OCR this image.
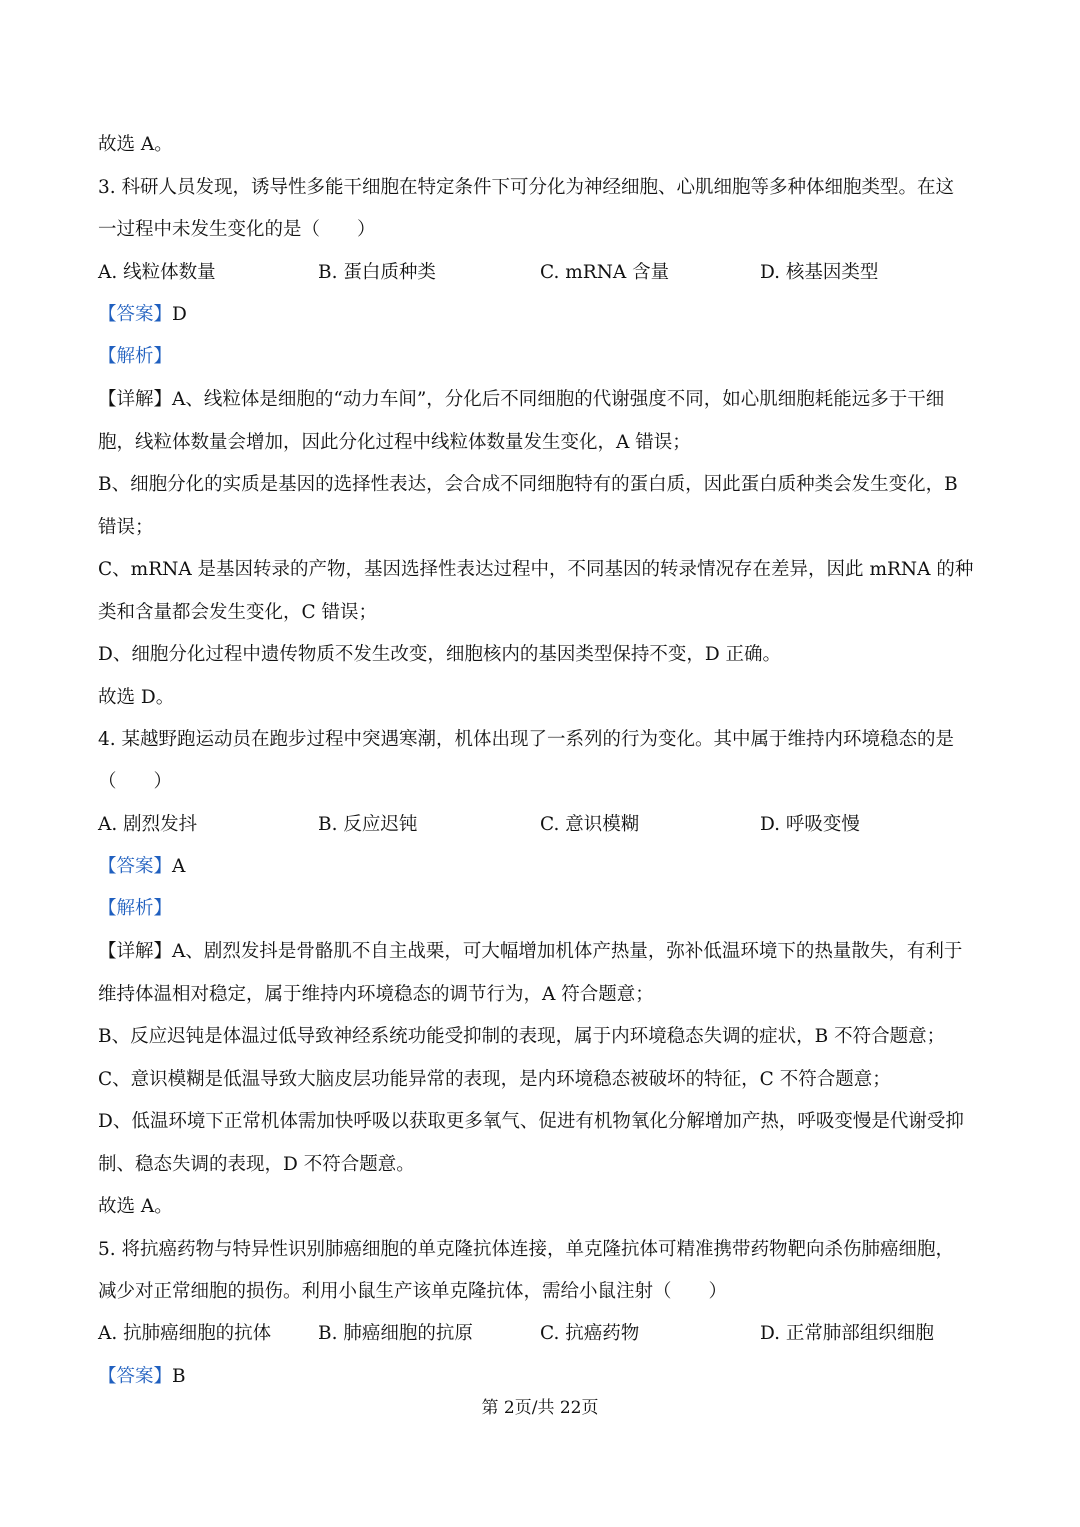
故选 A。
3. 科研人员发现，诱导性多能干细胞在特定条件下可分化为神经细胞、心肌细胞等多种体细胞类型。在这
一过程中未发生变化的是（　　）
A. 线粒体数量	B. 蛋白质种类	C. mRNA 含量	D. 核基因类型
【答案】D
【解析】
【详解】A、线粒体是细胞的“动力车间”，分化后不同细胞的代谢强度不同，如心肌细胞耗能远多于干细
胞，线粒体数量会增加，因此分化过程中线粒体数量发生变化，A 错误；
B、细胞分化的实质是基因的选择性表达，会合成不同细胞特有的蛋白质，因此蛋白质种类会发生变化，B
错误；
C、mRNA 是基因转录的产物，基因选择性表达过程中，不同基因的转录情况存在差异，因此 mRNA 的种
类和含量都会发生变化，C 错误；
D、细胞分化过程中遗传物质不发生改变，细胞核内的基因类型保持不变，D 正确。
故选 D。
4. 某越野跑运动员在跑步过程中突遇寒潮，机体出现了一系列的行为变化。其中属于维持内环境稳态的是
（　　）
A. 剧烈发抖	B. 反应迟钝	C. 意识模糊	D. 呼吸变慢
【答案】A
【解析】
【详解】A、剧烈发抖是骨骼肌不自主战栗，可大幅增加机体产热量，弥补低温环境下的热量散失，有利于
维持体温相对稳定，属于维持内环境稳态的调节行为，A 符合题意；
B、反应迟钝是体温过低导致神经系统功能受抑制的表现，属于内环境稳态失调的症状，B 不符合题意；
C、意识模糊是低温导致大脑皮层功能异常的表现，是内环境稳态被破坏的特征，C 不符合题意；
D、低温环境下正常机体需加快呼吸以获取更多氧气、促进有机物氧化分解增加产热，呼吸变慢是代谢受抑
制、稳态失调的表现，D 不符合题意。
故选 A。
5. 将抗癌药物与特异性识别肺癌细胞的单克隆抗体连接，单克隆抗体可精准携带药物靶向杀伤肺癌细胞，
减少对正常细胞的损伤。利用小鼠生产该单克隆抗体，需给小鼠注射（　　）
A. 抗肺癌细胞的抗体	B. 肺癌细胞的抗原	C. 抗癌药物	D. 正常肺部组织细胞
【答案】B
第 2页/共 22页
